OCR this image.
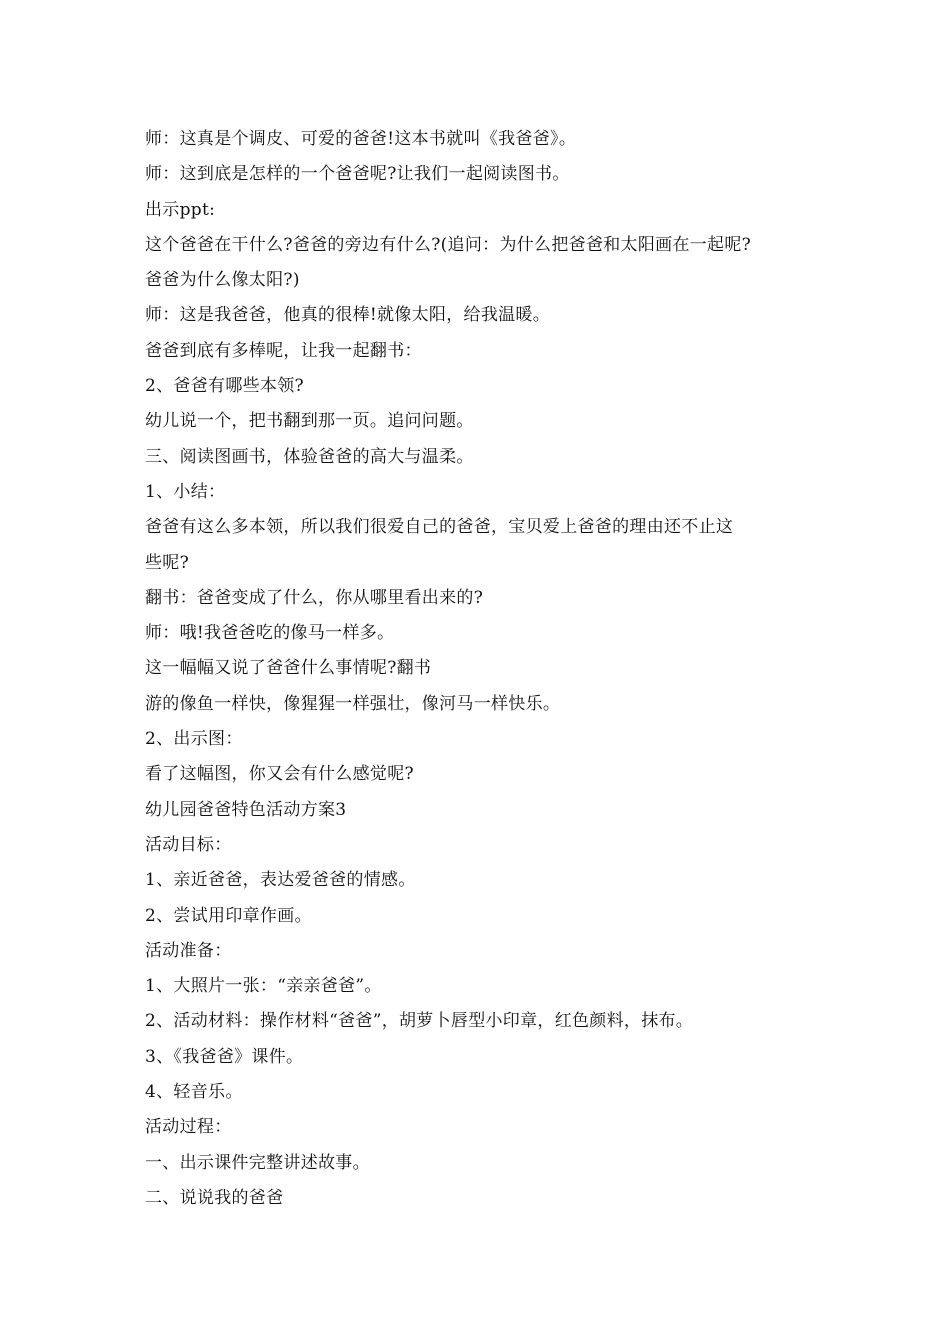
师：这真是个调皮、可爱的爸爸!这本书就叫《我爸爸》。
师：这到底是怎样的一个爸爸呢?让我们一起阅读图书。
出示ppt:
这个爸爸在干什么?爸爸的旁边有什么?(追问：为什么把爸爸和太阳画在一起呢?
爸爸为什么像太阳?)
师：这是我爸爸，他真的很棒!就像太阳，给我温暖。
爸爸到底有多棒呢，让我一起翻书：
2、爸爸有哪些本领?
幼儿说一个，把书翻到那一页。追问问题。
三、阅读图画书，体验爸爸的高大与温柔。
1、小结：
爸爸有这么多本领，所以我们很爱自己的爸爸，宝贝爱上爸爸的理由还不止这
些呢?
翻书：爸爸变成了什么，你从哪里看出来的?
师：哦!我爸爸吃的像马一样多。
这一幅幅又说了爸爸什么事情呢?翻书
游的像鱼一样快，像猩猩一样强壮，像河马一样快乐。
2、出示图：
看了这幅图，你又会有什么感觉呢?
幼儿园爸爸特色活动方案3
活动目标：
1、亲近爸爸，表达爱爸爸的情感。
2、尝试用印章作画。
活动准备：
1、大照片一张：“亲亲爸爸”。
2、活动材料：操作材料“爸爸”，胡萝卜唇型小印章，红色颜料，抹布。
3、《我爸爸》课件。
4、轻音乐。
活动过程：
一、出示课件完整讲述故事。
二、说说我的爸爸
